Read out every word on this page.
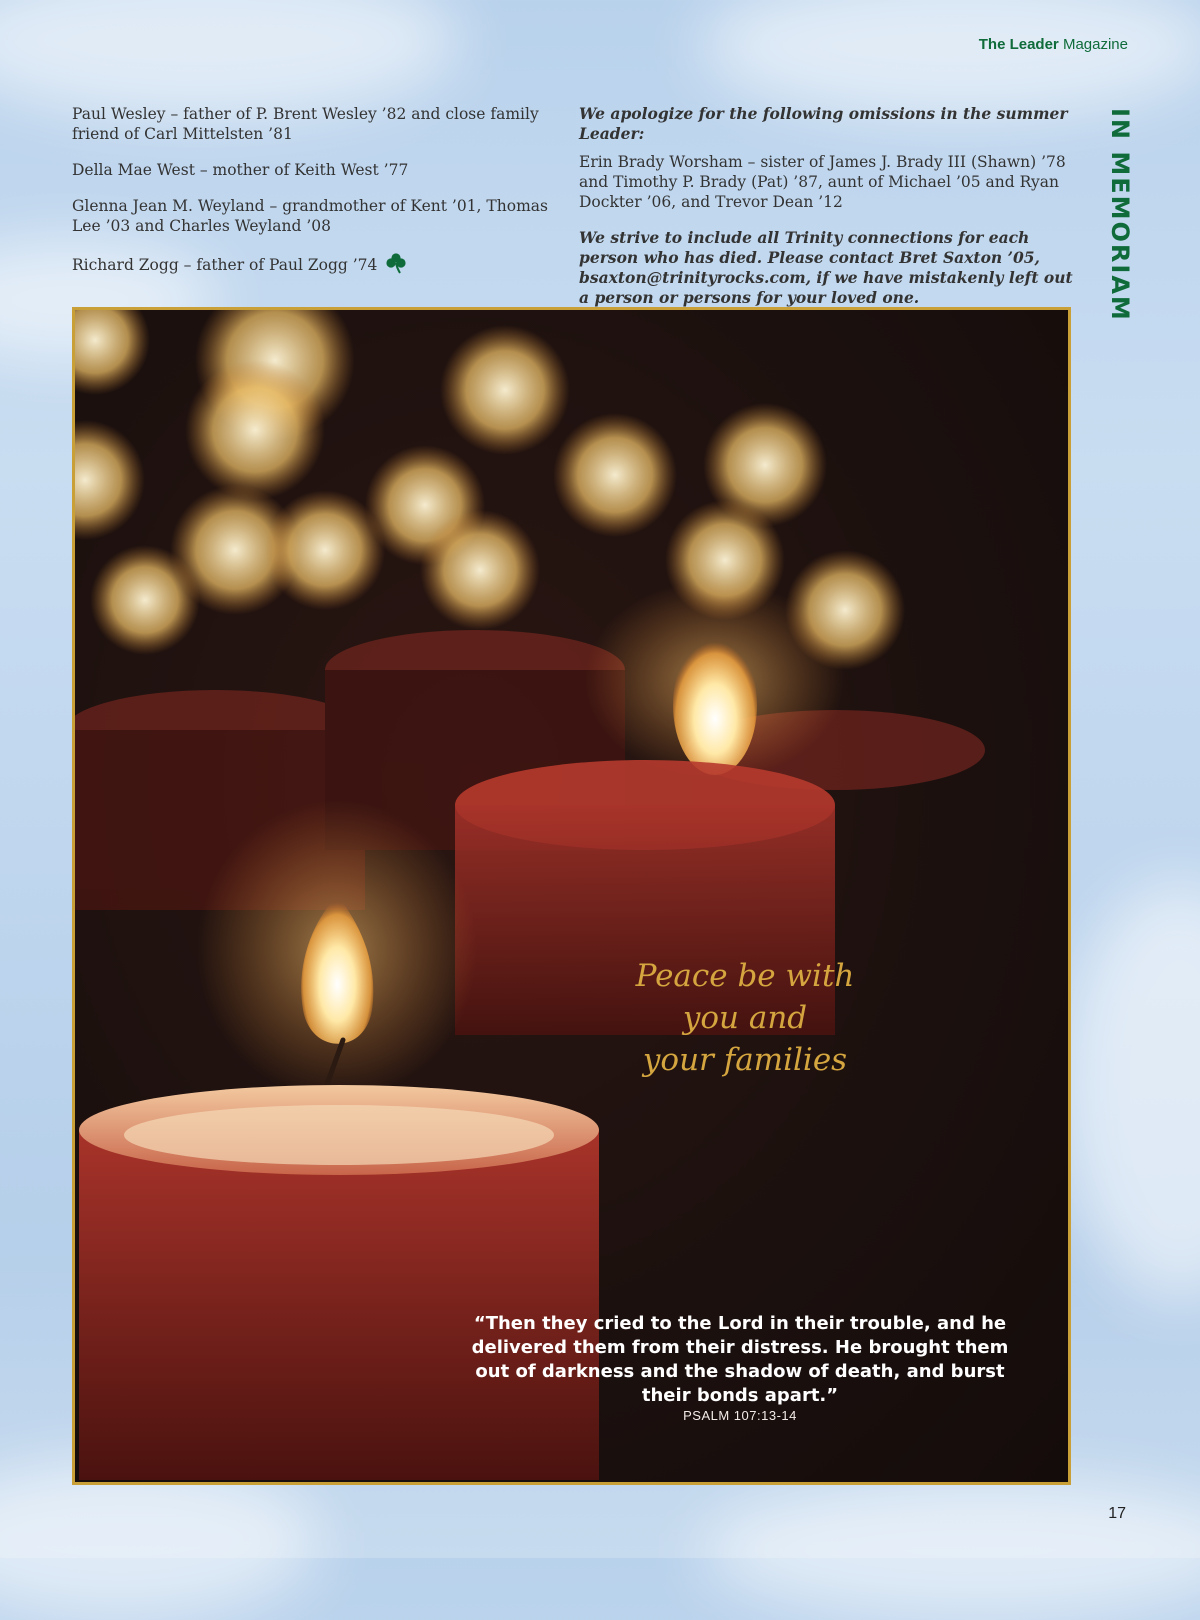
The Leader Magazine
IN MEMORIAM

Paul Wesley – father of P. Brent Wesley ’82 and close family friend of Carl Mittelsten ’81

Della Mae West – mother of Keith West ’77

Glenna Jean M. Weyland – grandmother of Kent ’01, Thomas Lee ’03 and Charles Weyland ’08

Richard Zogg – father of Paul Zogg ’74

We apologize for the following omissions in the summer Leader:

Erin Brady Worsham – sister of James J. Brady III (Shawn) ’78 and Timothy P. Brady (Pat) ’87, aunt of Michael ’05 and Ryan Dockter ’06, and Trevor Dean ’12

We strive to include all Trinity connections for each person who has died. Please contact Bret Saxton ’05, bsaxton@trinityrocks.com, if we have mistakenly left out a person or persons for your loved one.

Peace be with
you and
your families

“Then they cried to the Lord in their trouble, and he delivered them from their distress. He brought them out of darkness and the shadow of death, and burst their bonds apart.”

PSALM 107:13-14
17
